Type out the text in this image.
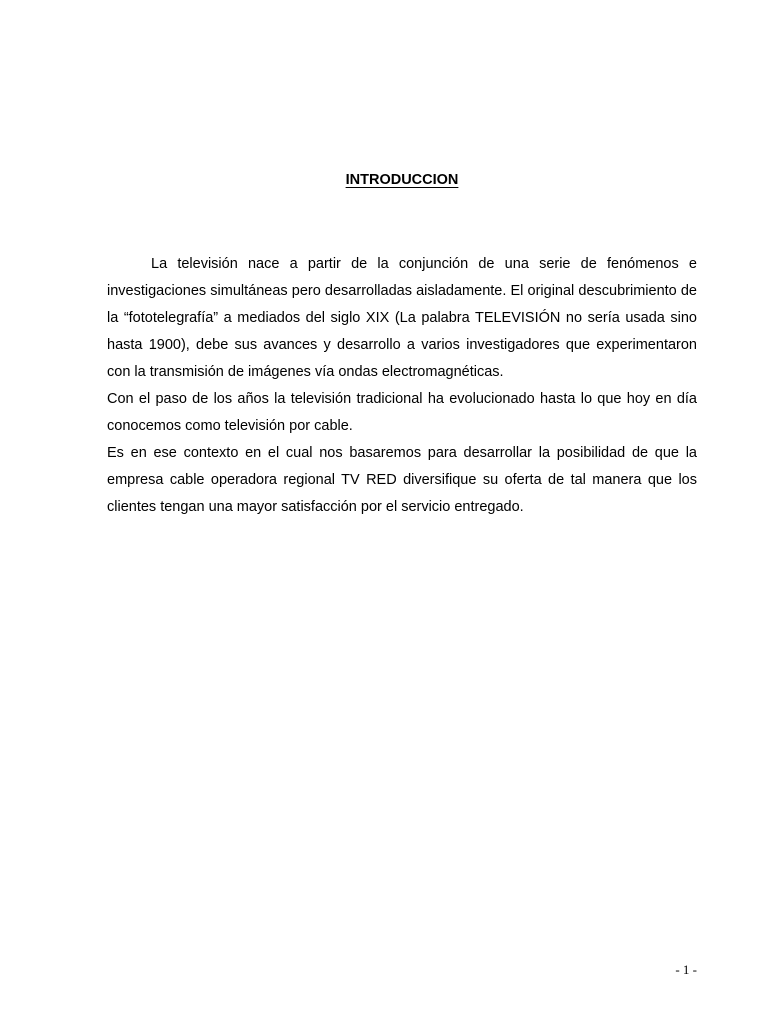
INTRODUCCION

La televisión nace a partir de la conjunción de una serie de fenómenos e investigaciones simultáneas pero desarrolladas aisladamente. El original descubrimiento de la “fototelegrafía” a mediados del siglo XIX (La palabra TELEVISIÓN no sería usada sino hasta 1900), debe sus avances y desarrollo a varios investigadores que experimentaron con la transmisión de imágenes vía ondas electromagnéticas.

Con el paso de los años la televisión tradicional ha evolucionado hasta lo que hoy en día conocemos como televisión por cable.

Es en ese contexto en el cual nos basaremos para desarrollar la posibilidad de que la empresa cable operadora regional TV RED diversifique su oferta de tal manera que los clientes tengan una mayor satisfacción por el servicio entregado.

- 1 -
